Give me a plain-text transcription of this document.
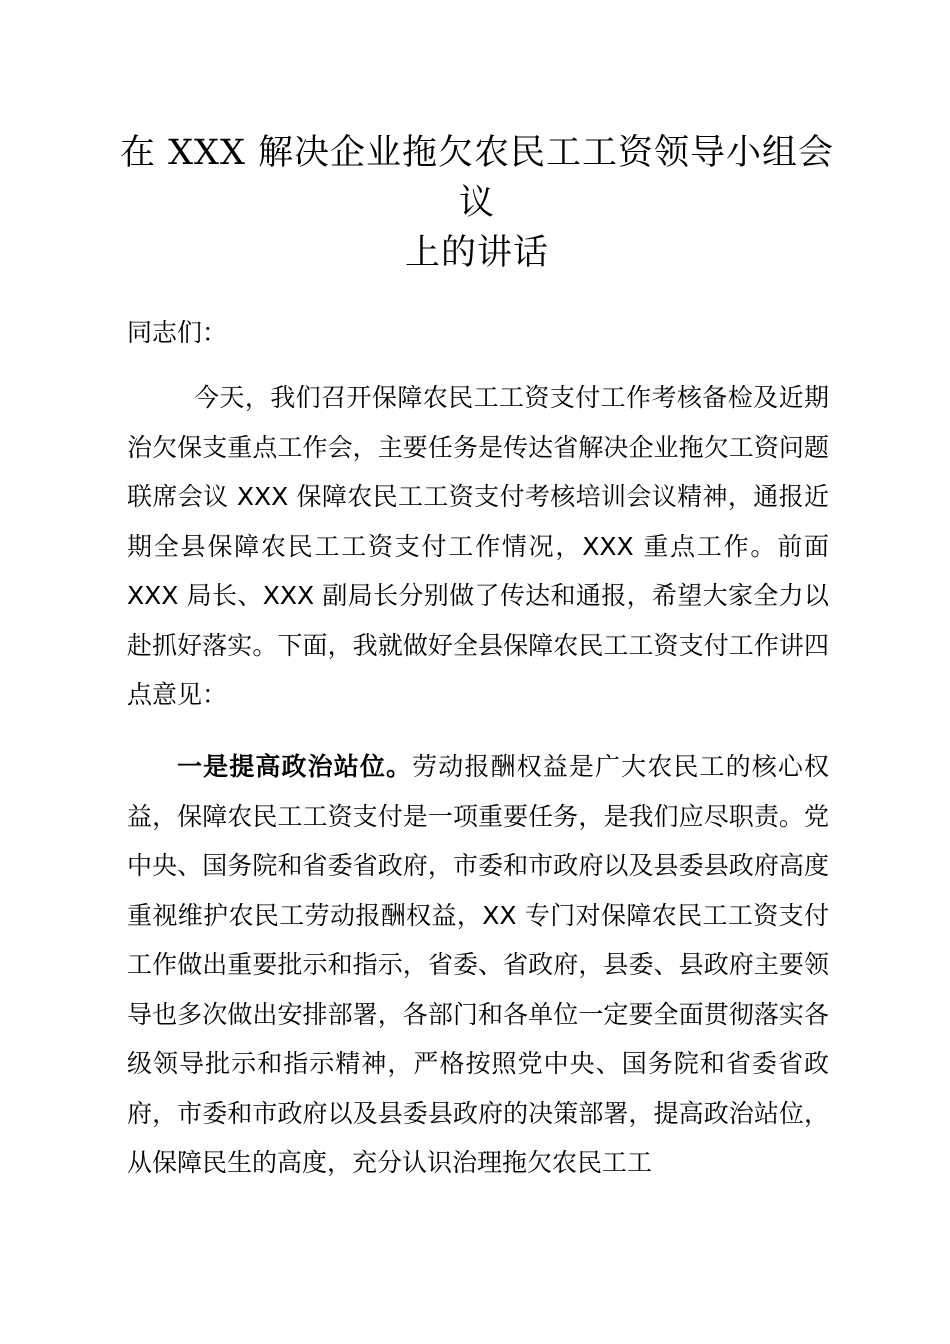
在 XXX 解决企业拖欠农民工工资领导小组会议
上的讲话

同志们：

今天，我们召开保障农民工工资支付工作考核备检及近期治欠保支重点工作会，主要任务是传达省解决企业拖欠工资问题联席会议 XXX 保障农民工工资支付考核培训会议精神，通报近期全县保障农民工工资支付工作情况，XXX 重点工作。前面 XXX 局长、XXX 副局长分别做了传达和通报，希望大家全力以赴抓好落实。下面，我就做好全县保障农民工工资支付工作讲四点意见：

一是提高政治站位。劳动报酬权益是广大农民工的核心权益，保障农民工工资支付是一项重要任务，是我们应尽职责。党中央、国务院和省委省政府，市委和市政府以及县委县政府高度重视维护农民工劳动报酬权益，XX 专门对保障农民工工资支付工作做出重要批示和指示，省委、省政府，县委、县政府主要领导也多次做出安排部署，各部门和各单位一定要全面贯彻落实各级领导批示和指示精神，严格按照党中央、国务院和省委省政府，市委和市政府以及县委县政府的决策部署，提高政治站位，从保障民生的高度，充分认识治理拖欠农民工工
